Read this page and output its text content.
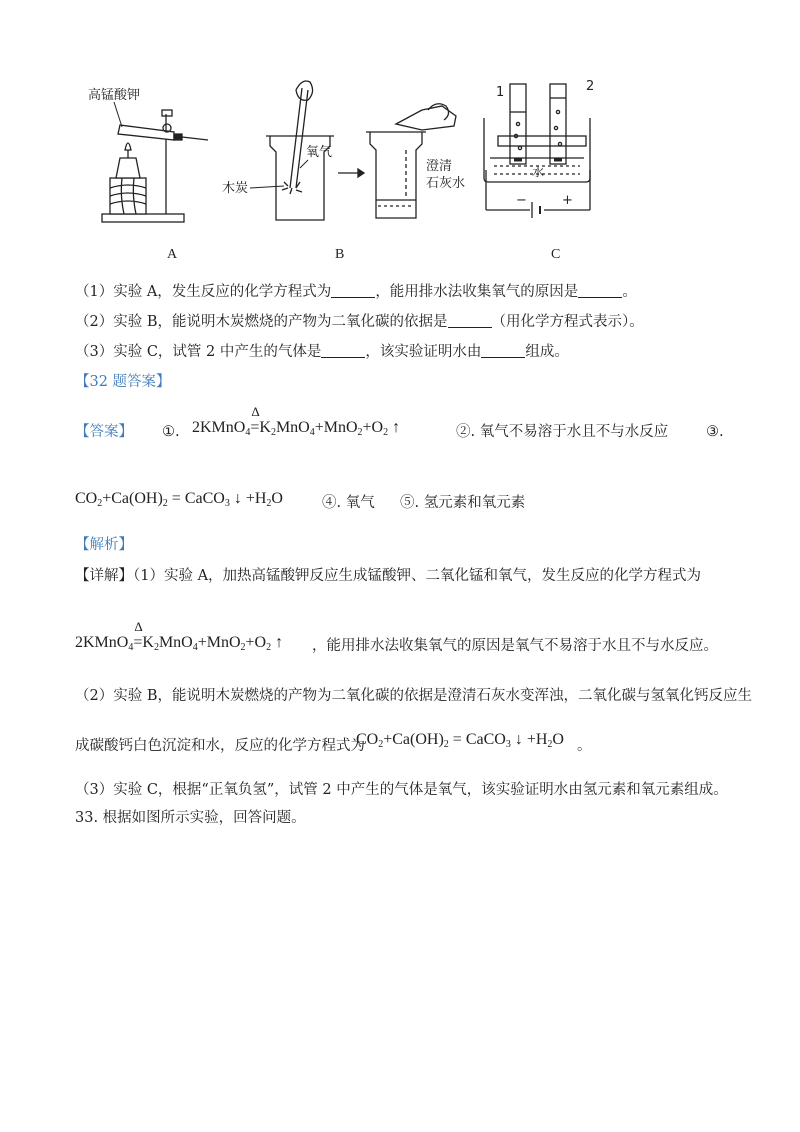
高锰酸钾
氧气
木炭
澄清
石灰水
1	2
水
−	+
A	B	C
（1）实验 A，发生反应的化学方程式为	，能用排水法收集氧气的原因是	。
（2）实验 B，能说明木炭燃烧的产物为二氧化碳的依据是	（用化学方程式表示）。
（3）实验 C，试管 2 中产生的气体是	，该实验证明水由	组成。
【32 题答案】
【答案】 ①. 2KMnO$_4$=
Δ
$K_2MnO_4+MnO_2+O_2$ ↑	②. 氧气不易溶于水且不与水反应	③.
$CO_2+Ca(OH)_2$ = CaCO$_3$ ↓ $+H_2O$	④. 氧气 ⑤. 氢元素和氧元素
【解析】
【详解】（1）实验 A，加热高锰酸钾反应生成锰酸钾、二氧化锰和氧气，发生反应的化学方程式为
2KMnO$_4$=
Δ
$K_2MnO_4+MnO_2+O_2$ ↑ ，能用排水法收集氧气的原因是氧气不易溶于水且不与水反应。
（2）实验 B，能说明木炭燃烧的产物为二氧化碳的依据是澄清石灰水变浑浊，二氧化碳与氢氧化钙反应生
成碳酸钙白色沉淀和水，反应的化学方程式为
$CO_2+Ca(OH)_2$ = CaCO$_3$ ↓ $+H_2O$ 。
（3）实验 C，根据“正氧负氢”，试管 2 中产生的气体是氧气，该实验证明水由氢元素和氧元素组成。
33. 根据如图所示实验，回答问题。
